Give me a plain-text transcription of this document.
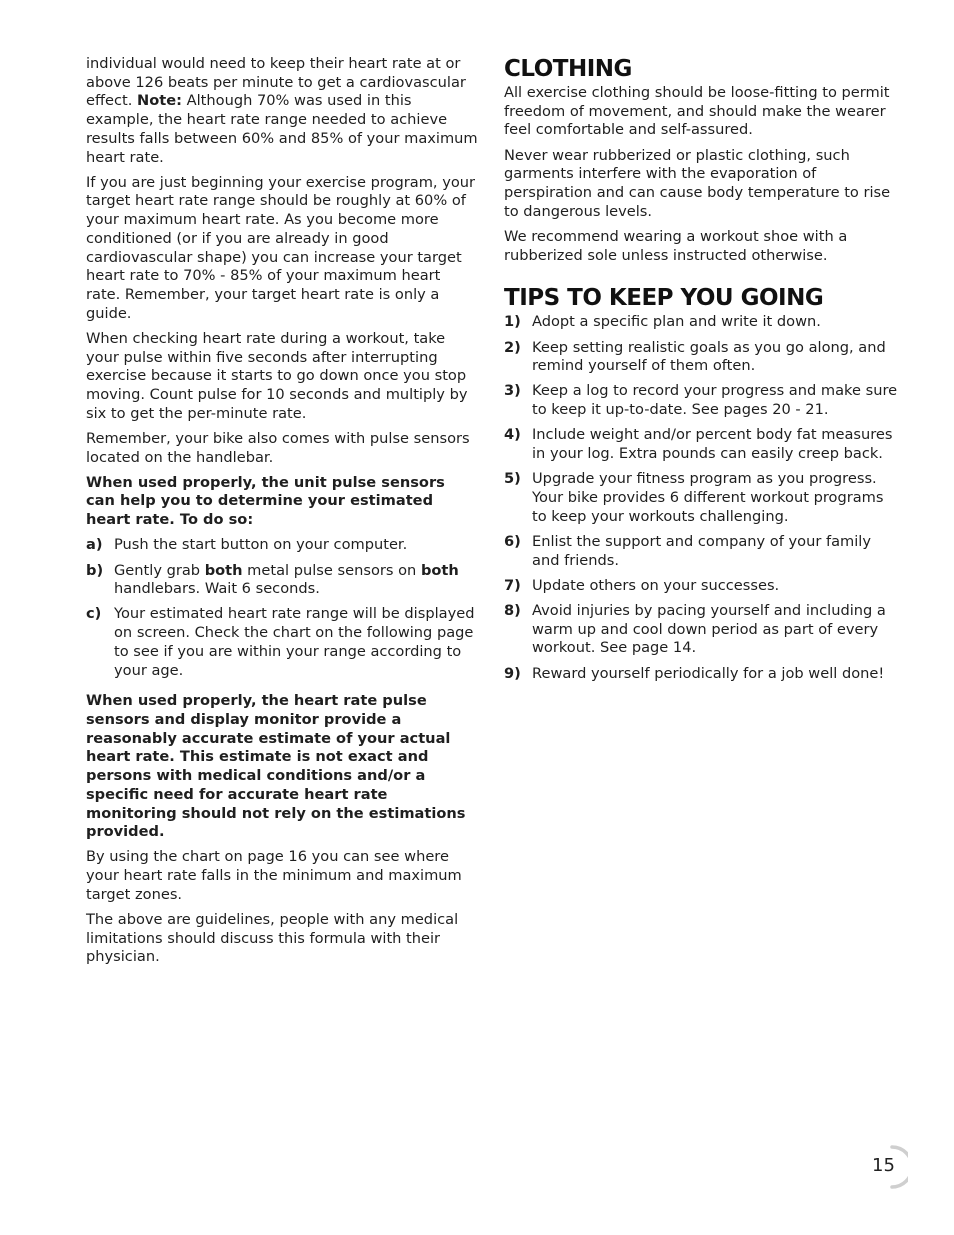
individual would need to keep their heart rate at or above 126 beats per minute to get a cardiovascular effect. Note: Although 70% was used in this example, the heart rate range needed to achieve results falls between 60% and 85% of your maximum heart rate.

If you are just beginning your exercise program, your target heart rate range should be roughly at 60% of your maximum heart rate. As you become more conditioned (or if you are already in good cardiovascular shape) you can increase your target heart rate to 70% - 85% of your maximum heart rate. Remember, your target heart rate is only a guide.

When checking heart rate during a workout, take your pulse within five seconds after interrupting exercise because it starts to go down once you stop moving. Count pulse for 10 seconds and multiply by six to get the per-minute rate.

Remember, your bike also comes with pulse sensors located on the handlebar.

When used properly, the unit pulse sensors can help you to determine your estimated heart rate. To do so:

a) Push the start button on your computer.
b) Gently grab both metal pulse sensors on both handlebars. Wait 6 seconds.
c) Your estimated heart rate range will be displayed on screen. Check the chart on the following page to see if you are within your range according to your age.

When used properly, the heart rate pulse sensors and display monitor provide a reasonably accurate estimate of your actual heart rate. This estimate is not exact and persons with medical conditions and/or a specific need for accurate heart rate monitoring should not rely on the estimations provided.

By using the chart on page 16 you can see where your heart rate falls in the minimum and maximum target zones.

The above are guidelines, people with any medical limitations should discuss this formula with their physician.

CLOTHING

All exercise clothing should be loose-fitting to permit freedom of movement, and should make the wearer feel comfortable and self-assured.

Never wear rubberized or plastic clothing, such garments interfere with the evaporation of perspiration and can cause body temperature to rise to dangerous levels.

We recommend wearing a workout shoe with a rubberized sole unless instructed otherwise.

TIPS TO KEEP YOU GOING
1) Adopt a specific plan and write it down.
2) Keep setting realistic goals as you go along, and remind yourself of them often.
3) Keep a log to record your progress and make sure to keep it up-to-date. See pages 20 - 21.
4) Include weight and/or percent body fat measures in your log. Extra pounds can easily creep back.
5) Upgrade your fitness program as you progress. Your bike provides 6 different workout programs to keep your workouts challenging.
6) Enlist the support and company of your family and friends.
7) Update others on your successes.
8) Avoid injuries by pacing yourself and including a warm up and cool down period as part of every workout. See page 14.
9) Reward yourself periodically for a job well done!
15
